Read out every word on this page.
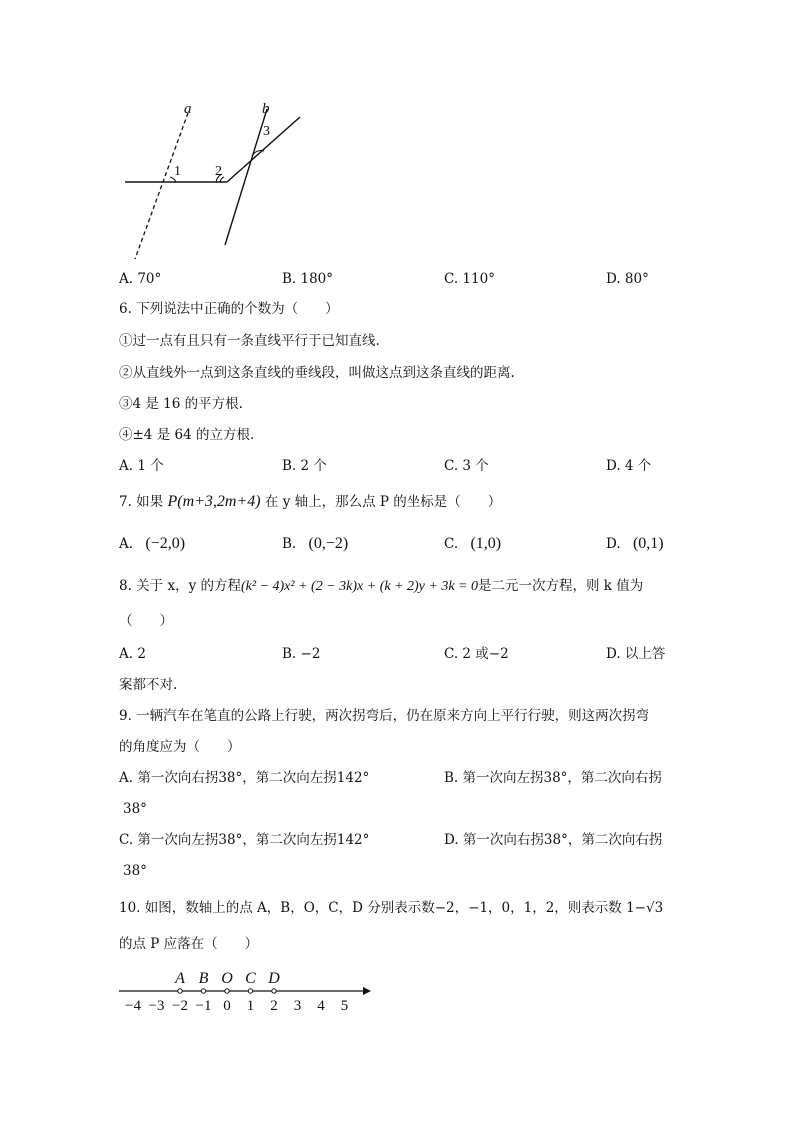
a	b
1 2
3
A. 70°	B. 180°	C. 110°	D. 80°
6. 下列说法中正确的个数为（　　）
①过一点有且只有一条直线平行于已知直线.
②从直线外一点到这条直线的垂线段，叫做这点到这条直线的距离.
③4 是 16 的平方根.
④±4 是 64 的立方根.
A. 1 个	B. 2 个	C. 3 个	D. 4 个
7. 如果 P(m+3,2m+4) 在 y 轴上，那么点 P 的坐标是（　　）
A. (−2,0)	B. (0,−2)	C. (1,0)	D. (0,1)
8. 关于 x，y 的方程(k² − 4)x² + (2 − 3k)x + (k + 2)y + 3k = 0是二元一次方程，则 k 值为
（　　）
A. 2	B. −2	C. 2 或−2	D. 以上答
案都不对.
9. 一辆汽车在笔直的公路上行驶，两次拐弯后，仍在原来方向上平行行驶，则这两次拐弯
的角度应为（　　）
A. 第一次向右拐38°，第二次向左拐142°	B. 第一次向左拐38°，第二次向右拐
38°
C. 第一次向左拐38°，第二次向左拐142°	D. 第一次向右拐38°，第二次向右拐
38°
10. 如图，数轴上的点 A，B，O，C，D 分别表示数−2，−1，0，1，2，则表示数 1−√3
的点 P 应落在（　　）
−4 −3 −2 −1 0 1 2 3 4 5
A B O C D
